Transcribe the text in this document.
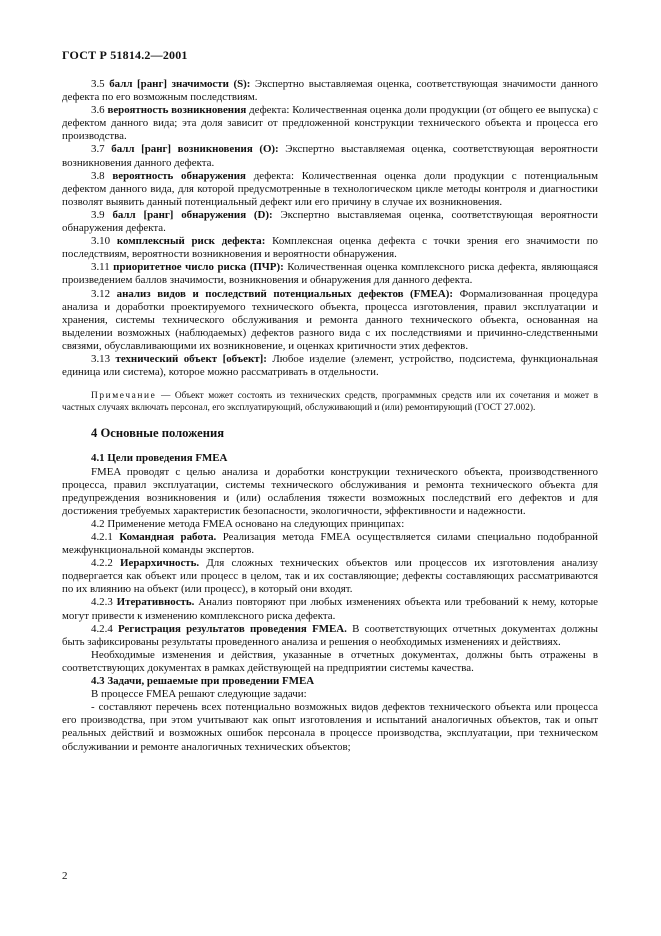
ГОСТ Р 51814.2—2001

3.5 балл [ранг] значимости (S): Экспертно выставляемая оценка, соответствующая значимости данного дефекта по его возможным последствиям.

3.6 вероятность возникновения дефекта: Количественная оценка доли продукции (от общего ее выпуска) с дефектом данного вида; эта доля зависит от предложенной конструкции технического объекта и процесса его производства.

3.7 балл [ранг] возникновения (O): Экспертно выставляемая оценка, соответствующая вероятности возникновения данного дефекта.

3.8 вероятность обнаружения дефекта: Количественная оценка доли продукции с потенциальным дефектом данного вида, для которой предусмотренные в технологическом цикле методы контроля и диагностики позволят выявить данный потенциальный дефект или его причину в случае их возникновения.

3.9 балл [ранг] обнаружения (D): Экспертно выставляемая оценка, соответствующая вероятности обнаружения дефекта.

3.10 комплексный риск дефекта: Комплексная оценка дефекта с точки зрения его значимости по последствиям, вероятности возникновения и вероятности обнаружения.

3.11 приоритетное число риска (ПЧР): Количественная оценка комплексного риска дефекта, являющаяся произведением баллов значимости, возникновения и обнаружения для данного дефекта.

3.12 анализ видов и последствий потенциальных дефектов (FMEA): Формализованная процедура анализа и доработки проектируемого технического объекта, процесса изготовления, правил эксплуатации и хранения, системы технического обслуживания и ремонта данного технического объекта, основанная на выделении возможных (наблюдаемых) дефектов разного вида с их последствиями и причинно-следственными связями, обуславливающими их возникновение, и оценках критичности этих дефектов.

3.13 технический объект [объект]: Любое изделие (элемент, устройство, подсистема, функциональная единица или система), которое можно рассматривать в отдельности.

Примечание — Объект может состоять из технических средств, программных средств или их сочетания и может в частных случаях включать персонал, его эксплуатирующий, обслуживающий и (или) ремонтирующий (ГОСТ 27.002).

4 Основные положения

4.1 Цели проведения FMEA

FMEA проводят с целью анализа и доработки конструкции технического объекта, производственного процесса, правил эксплуатации, системы технического обслуживания и ремонта технического объекта для предупреждения возникновения и (или) ослабления тяжести возможных последствий его дефектов и для достижения требуемых характеристик безопасности, экологичности, эффективности и надежности.

4.2 Применение метода FMEA основано на следующих принципах:

4.2.1 Командная работа. Реализация метода FMEA осуществляется силами специально подобранной межфункциональной команды экспертов.

4.2.2 Иерархичность. Для сложных технических объектов или процессов их изготовления анализу подвергается как объект или процесс в целом, так и их составляющие; дефекты составляющих рассматриваются по их влиянию на объект (или процесс), в который они входят.

4.2.3 Итеративность. Анализ повторяют при любых изменениях объекта или требований к нему, которые могут привести к изменению комплексного риска дефекта.

4.2.4 Регистрация результатов проведения FMEA. В соответствующих отчетных документах должны быть зафиксированы результаты проведенного анализа и решения о необходимых изменениях и действиях.

Необходимые изменения и действия, указанные в отчетных документах, должны быть отражены в соответствующих документах в рамках действующей на предприятии системы качества.

4.3 Задачи, решаемые при проведении FMEA

В процессе FMEA решают следующие задачи:

- составляют перечень всех потенциально возможных видов дефектов технического объекта или процесса его производства, при этом учитывают как опыт изготовления и испытаний аналогичных объектов, так и опыт реальных действий и возможных ошибок персонала в процессе производства, эксплуатации, при техническом обслуживании и ремонте аналогичных технических объектов;

2
